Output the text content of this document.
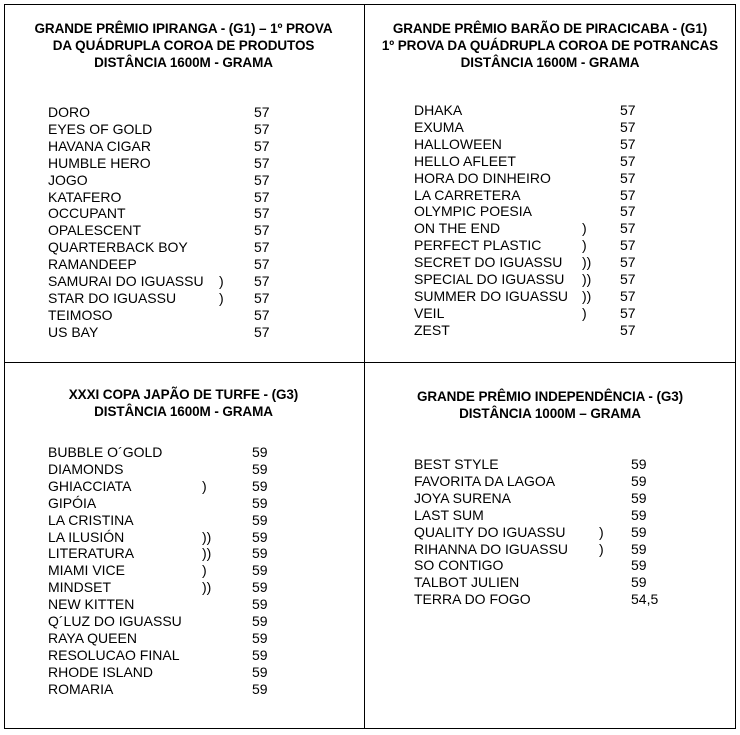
GRANDE PRÊMIO IPIRANGA - (G1) – 1º PROVA
DA QUÁDRUPLA COROA DE PRODUTOS
DISTÂNCIA 1600M - GRAMA
DORO	57
EYES OF GOLD	57
HAVANA CIGAR	57
HUMBLE HERO	57
JOGO	57
KATAFERO	57
OCCUPANT	57
OPALESCENT	57
QUARTERBACK BOY	57
RAMANDEEP	57
SAMURAI DO IGUASSU ) 57
STAR DO IGUASSU	) 57
TEIMOSO	57
US BAY	57
GRANDE PRÊMIO BARÃO DE PIRACICABA - (G1)
1º PROVA DA QUÁDRUPLA COROA DE POTRANCAS
DISTÂNCIA 1600M - GRAMA
DHAKA	57
EXUMA	57
HALLOWEEN	57
HELLO AFLEET	57
HORA DO DINHEIRO	57
LA CARRETERA	57
OLYMPIC POESIA	57
ON THE END	) 57
PERFECT PLASTIC	) 57
SECRET DO IGUASSU )) 57
SPECIAL DO IGUASSU )) 57
SUMMER DO IGUASSU )) 57
VEIL	) 57
ZEST	57
XXXI COPA JAPÃO DE TURFE - (G3)
DISTÂNCIA 1600M - GRAMA
BUBBLE O´GOLD	59
DIAMONDS	59
GHIACCIATA	)	59
GIPÓIA	59
LA CRISTINA	59
LA ILUSIÓN	))	59
LITERATURA	))	59
MIAMI VICE	)	59
MINDSET	))	59
NEW KITTEN	59
Q´LUZ DO IGUASSU	59
RAYA QUEEN	59
RESOLUCAO FINAL	59
RHODE ISLAND	59
ROMARIA	59
GRANDE PRÊMIO INDEPENDÊNCIA - (G3)
DISTÂNCIA 1000M – GRAMA
BEST STYLE	59
FAVORITA DA LAGOA	59
JOYA SURENA	59
LAST SUM	59
QUALITY DO IGUASSU ) 59
RIHANNA DO IGUASSU ) 59
SO CONTIGO	59
TALBOT JULIEN	59
TERRA DO FOGO	54,5
